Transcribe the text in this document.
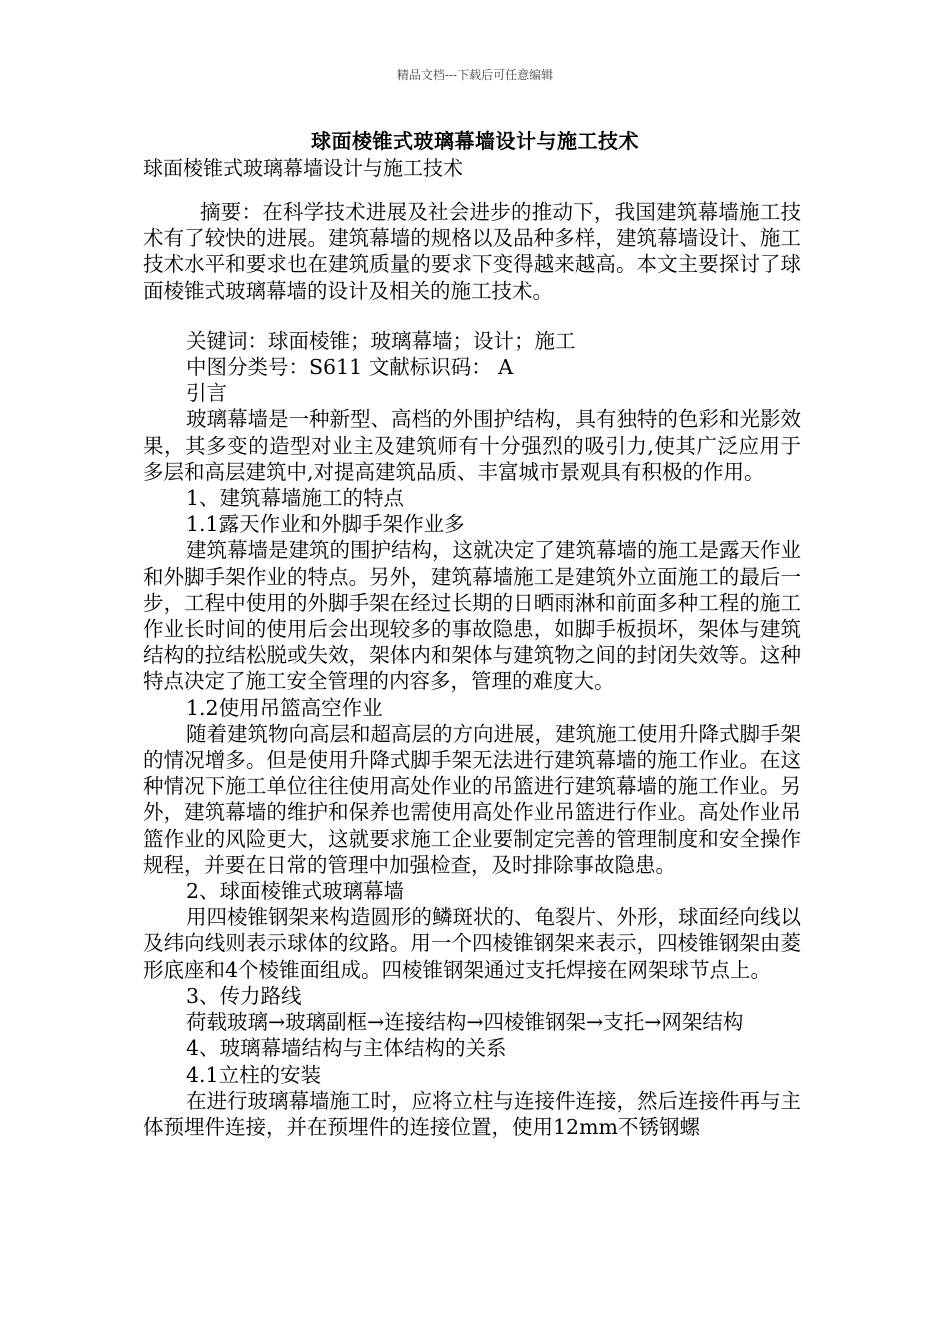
精品文档---下载后可任意编辑
球面棱锥式玻璃幕墙设计与施工技术
球面棱锥式玻璃幕墙设计与施工技术

摘要：在科学技术进展及社会进步的推动下，我国建筑幕墙施工技术有了较快的进展。建筑幕墙的规格以及品种多样，建筑幕墙设计、施工技术水平和要求也在建筑质量的要求下变得越来越高。本文主要探讨了球面棱锥式玻璃幕墙的设计及相关的施工技术。

关键词：球面棱锥；玻璃幕墙；设计；施工

中图分类号：S611 文献标识码： A

引言

玻璃幕墙是一种新型、高档的外围护结构，具有独特的色彩和光影效果，其多变的造型对业主及建筑师有十分强烈的吸引力,使其广泛应用于多层和高层建筑中,对提高建筑品质、丰富城市景观具有积极的作用。

1、建筑幕墙施工的特点

1.1露天作业和外脚手架作业多

建筑幕墙是建筑的围护结构，这就决定了建筑幕墙的施工是露天作业和外脚手架作业的特点。另外，建筑幕墙施工是建筑外立面施工的最后一步，工程中使用的外脚手架在经过长期的日晒雨淋和前面多种工程的施工作业长时间的使用后会出现较多的事故隐患，如脚手板损坏，架体与建筑结构的拉结松脱或失效，架体内和架体与建筑物之间的封闭失效等。这种特点决定了施工安全管理的内容多，管理的难度大。

1.2使用吊篮高空作业

随着建筑物向高层和超高层的方向进展，建筑施工使用升降式脚手架的情况增多。但是使用升降式脚手架无法进行建筑幕墙的施工作业。在这种情况下施工单位往往使用高处作业的吊篮进行建筑幕墙的施工作业。另外，建筑幕墙的维护和保养也需使用高处作业吊篮进行作业。高处作业吊篮作业的风险更大，这就要求施工企业要制定完善的管理制度和安全操作规程，并要在日常的管理中加强检查，及时排除事故隐患。

2、球面棱锥式玻璃幕墙

用四棱锥钢架来构造圆形的鳞斑状的、龟裂片、外形，球面经向线以及纬向线则表示球体的纹路。用一个四棱锥钢架来表示，四棱锥钢架由菱形底座和4个棱锥面组成。四棱锥钢架通过支托焊接在网架球节点上。

3、传力路线

荷载玻璃→玻璃副框→连接结构→四棱锥钢架→支托→网架结构

4、玻璃幕墙结构与主体结构的关系

4.1立柱的安装

在进行玻璃幕墙施工时，应将立柱与连接件连接，然后连接件再与主体预埋件连接，并在预埋件的连接位置，使用12mm不锈钢螺
